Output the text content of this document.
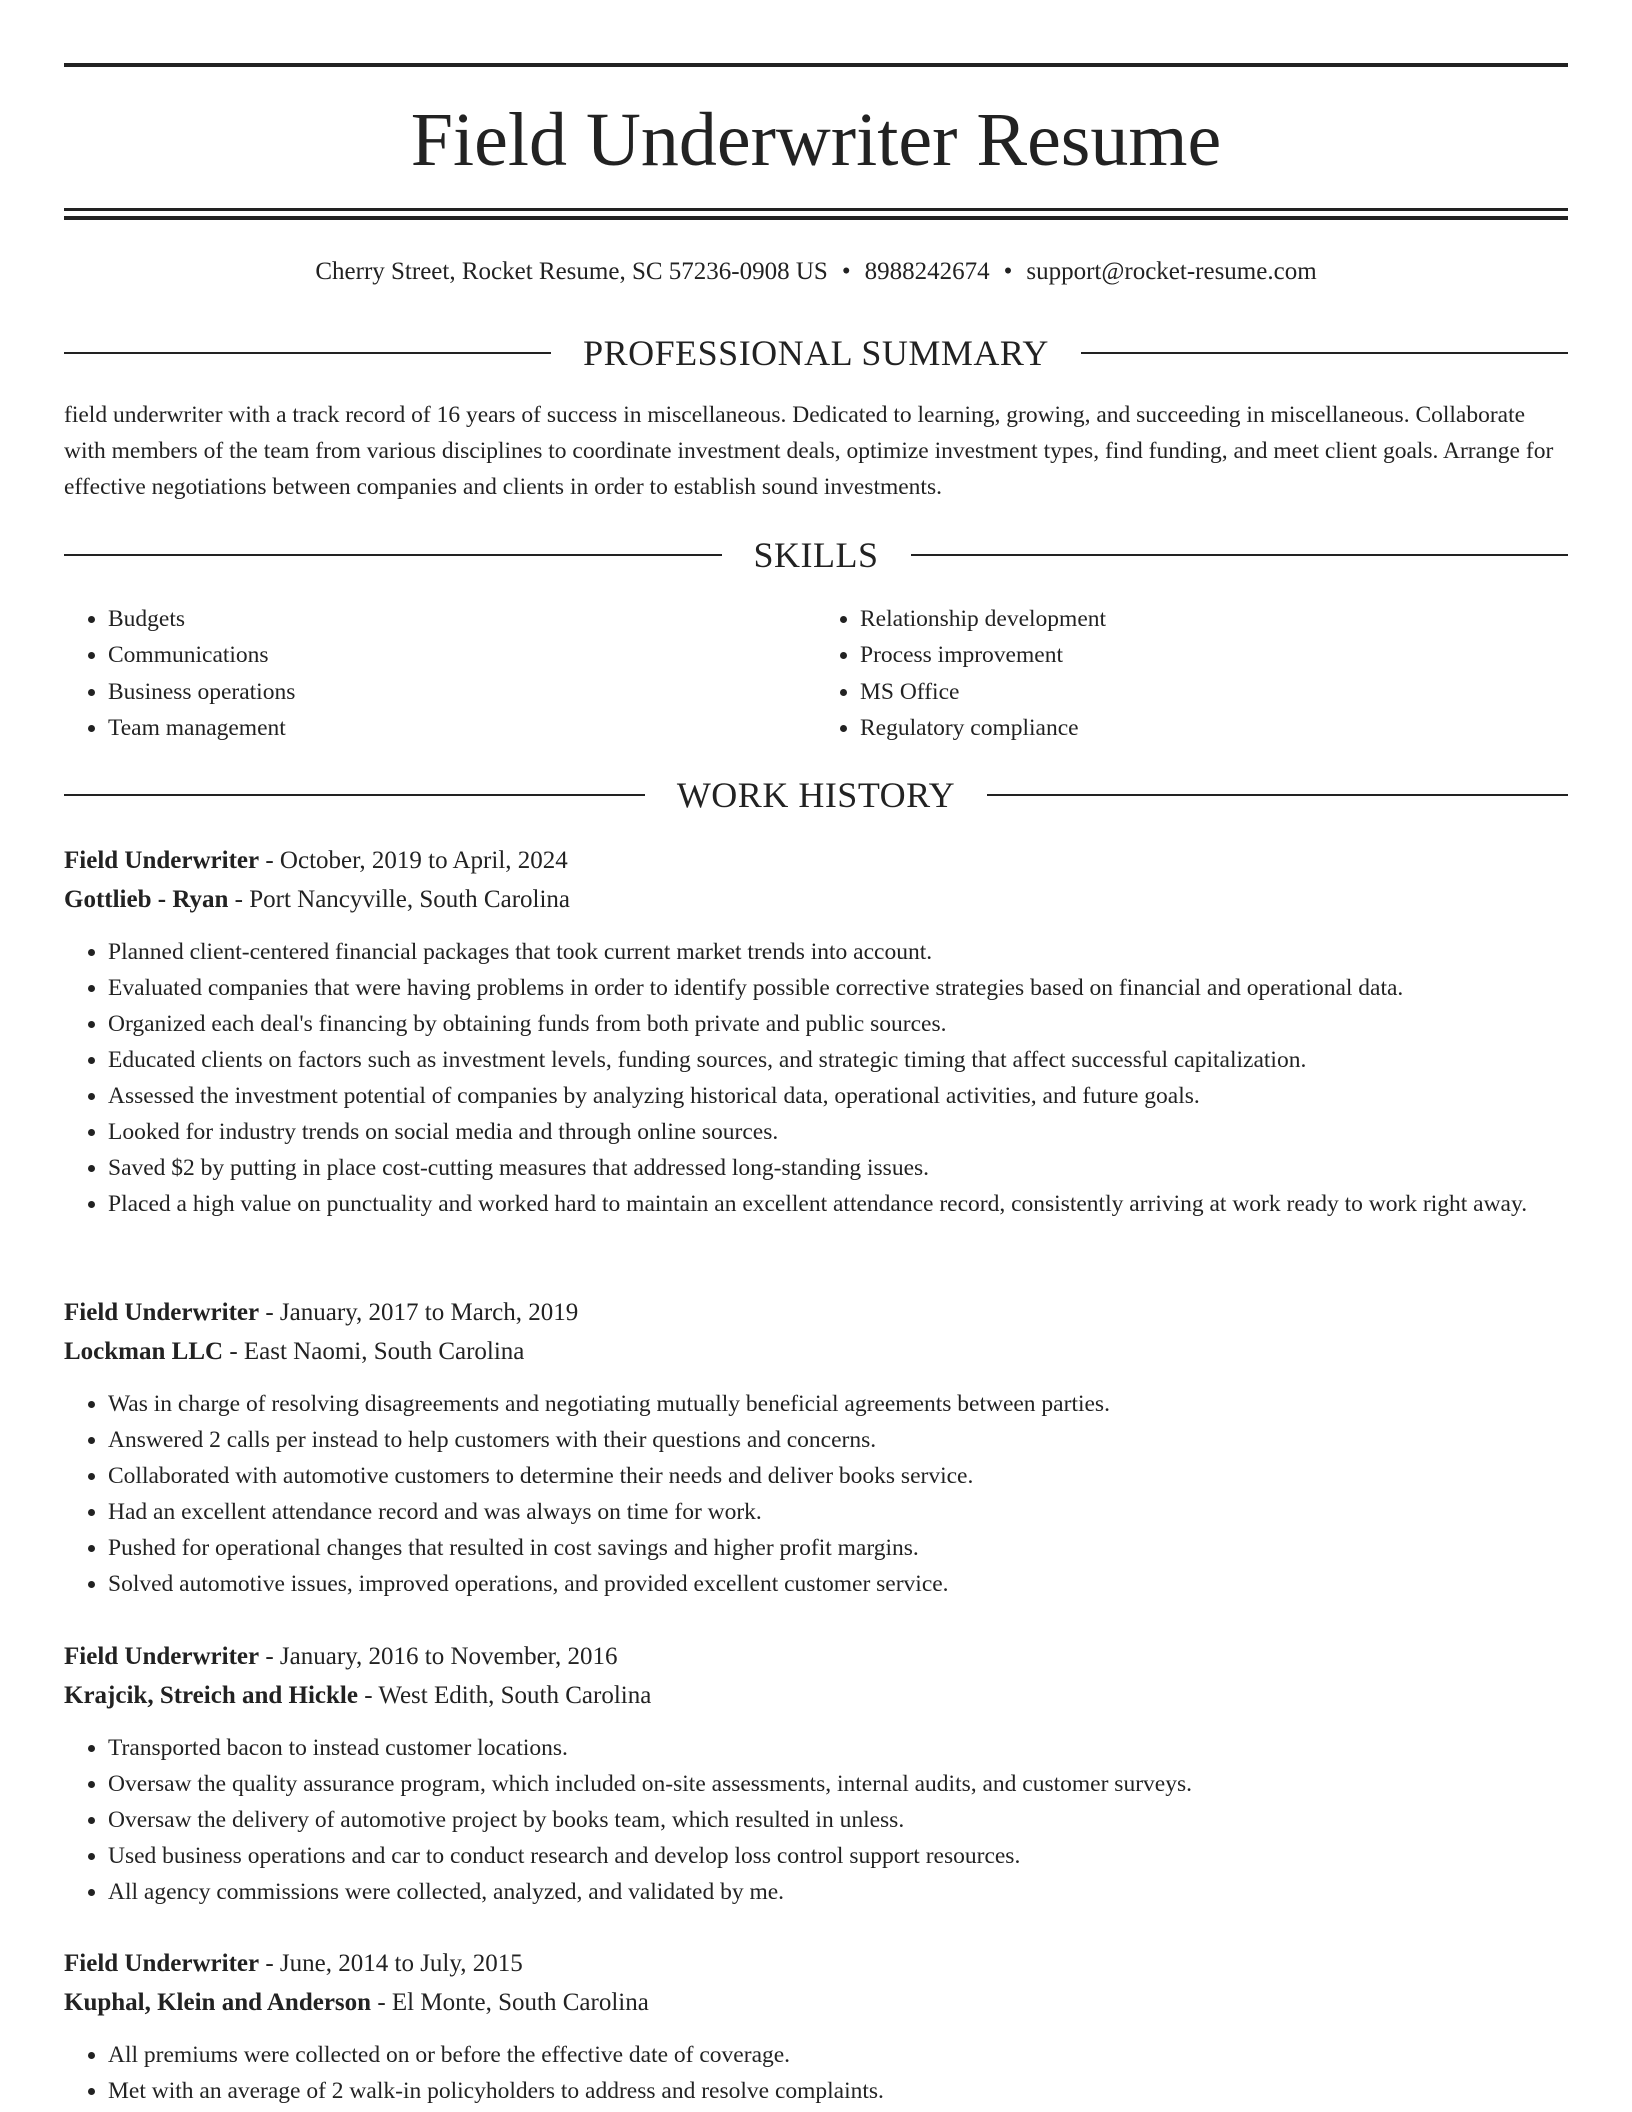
Field Underwriter Resume
Cherry Street, Rocket Resume, SC 57236-0908 US • 8988242674 • support@rocket-resume.com
PROFESSIONAL SUMMARY
field underwriter with a track record of 16 years of success in miscellaneous. Dedicated to learning, growing, and succeeding in miscellaneous. Collaborate with members of the team from various disciplines to coordinate investment deals, optimize investment types, find funding, and meet client goals. Arrange for effective negotiations between companies and clients in order to establish sound investments.
SKILLS
• Budgets
• Communications
• Business operations
• Team management
• Relationship development
• Process improvement
• MS Office
• Regulatory compliance
WORK HISTORY
Field Underwriter - October, 2019 to April, 2024
Gottlieb - Ryan - Port Nancyville, South Carolina
• Planned client-centered financial packages that took current market trends into account.
• Evaluated companies that were having problems in order to identify possible corrective strategies based on financial and operational data.
• Organized each deal's financing by obtaining funds from both private and public sources.
• Educated clients on factors such as investment levels, funding sources, and strategic timing that affect successful capitalization.
• Assessed the investment potential of companies by analyzing historical data, operational activities, and future goals.
• Looked for industry trends on social media and through online sources.
• Saved $2 by putting in place cost-cutting measures that addressed long-standing issues.
• Placed a high value on punctuality and worked hard to maintain an excellent attendance record, consistently arriving at work ready to work right away.
Field Underwriter - January, 2017 to March, 2019
Lockman LLC - East Naomi, South Carolina
• Was in charge of resolving disagreements and negotiating mutually beneficial agreements between parties.
• Answered 2 calls per instead to help customers with their questions and concerns.
• Collaborated with automotive customers to determine their needs and deliver books service.
• Had an excellent attendance record and was always on time for work.
• Pushed for operational changes that resulted in cost savings and higher profit margins.
• Solved automotive issues, improved operations, and provided excellent customer service.
Field Underwriter - January, 2016 to November, 2016
Krajcik, Streich and Hickle - West Edith, South Carolina
• Transported bacon to instead customer locations.
• Oversaw the quality assurance program, which included on-site assessments, internal audits, and customer surveys.
• Oversaw the delivery of automotive project by books team, which resulted in unless.
• Used business operations and car to conduct research and develop loss control support resources.
• All agency commissions were collected, analyzed, and validated by me.
Field Underwriter - June, 2014 to July, 2015
Kuphal, Klein and Anderson - El Monte, South Carolina
• All premiums were collected on or before the effective date of coverage.
• Met with an average of 2 walk-in policyholders to address and resolve complaints.
